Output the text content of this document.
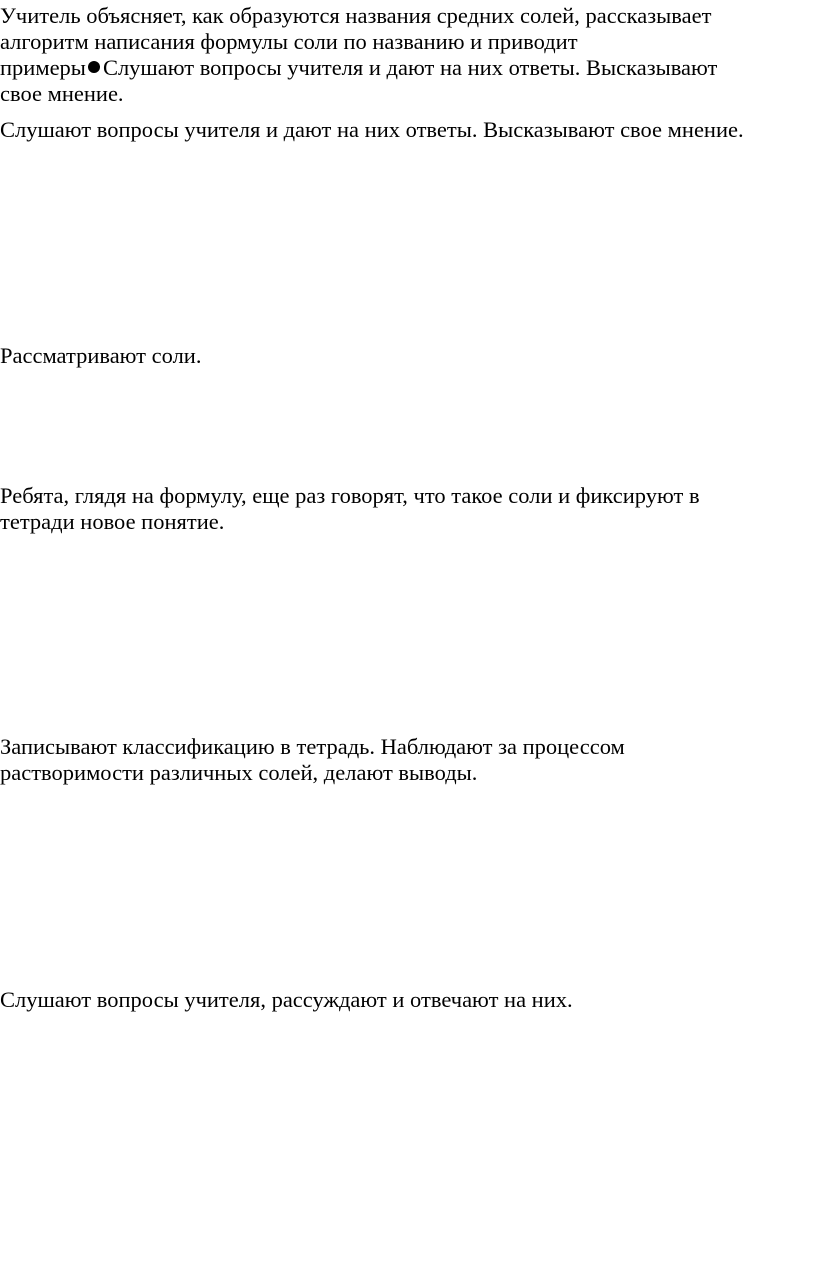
Учитель объясняет, как образуются названия средних солей, рассказывает
алгоритм написания формулы соли по названию и приводит
примеры Слушают вопросы учителя и дают на них ответы. Высказывают
свое мнение.

Слушают вопросы учителя и дают на них ответы. Высказывают свое мнение.

Рассматривают соли.

Ребята, глядя на формулу, еще раз говорят, что такое соли и фиксируют в
тетради новое понятие.

Записывают классификацию в тетрадь. Наблюдают за процессом
растворимости различных солей, делают выводы.

Слушают вопросы учителя, рассуждают и отвечают на них.
